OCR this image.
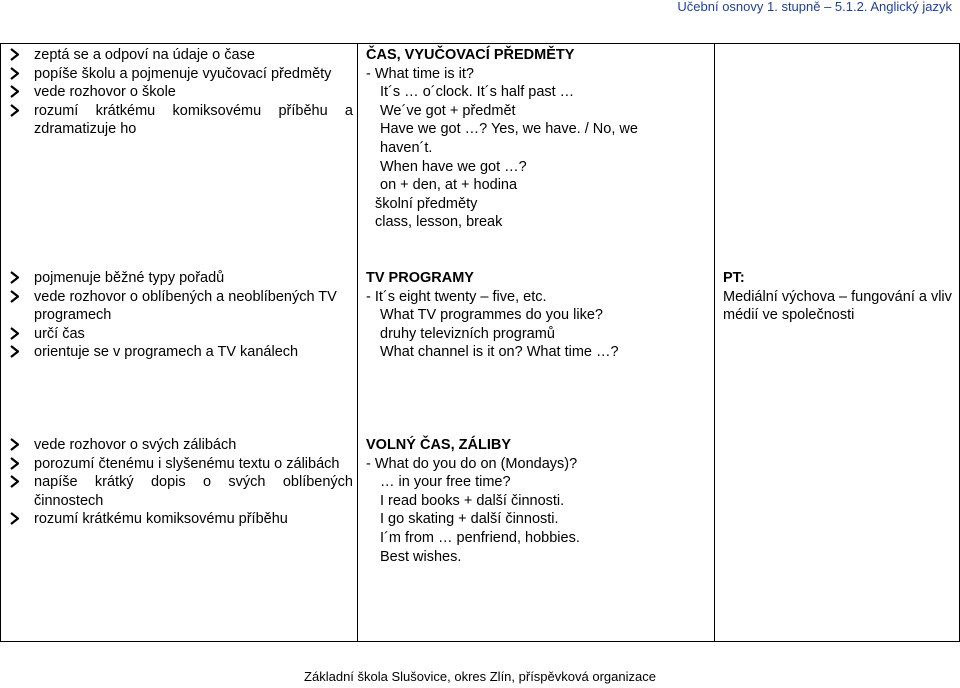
Učební osnovy 1. stupně – 5.1.2. Anglický jazyk
zeptá se a odpoví na údaje o čase
popíše školu a pojmenuje vyučovací předměty
vede rozhovor o škole
rozumí krátkému komiksovému příběhu a zdramatizuje ho
ČAS, VYUČOVACÍ PŘEDMĚTY
- What time is it?
It´s … o´clock. It´s half past …
We´ve got + předmět
Have we got …? Yes, we have. / No, we
haven´t.
When have we got …?
on + den, at + hodina
školní předměty
class, lesson, break
pojmenuje běžné typy pořadů
vede rozhovor o oblíbených a neoblíbených TV programech
určí čas
orientuje se v programech a TV kanálech
TV PROGRAMY
- It´s eight twenty – five, etc.
What TV programmes do you like?
druhy televizních programů
What channel is it on? What time …?
PT:
Mediální výchova – fungování a vliv médií ve společnosti
vede rozhovor o svých zálibách
porozumí čtenému i slyšenému textu o zálibách
napíše krátký dopis o svých oblíbených činnostech
rozumí krátkému komiksovému příběhu
VOLNÝ ČAS, ZÁLIBY
- What do you do on (Mondays)?
… in your free time?
I read books + další činnosti.
I go skating + další činnosti.
I´m from … penfriend, hobbies.
Best wishes.
Základní škola Slušovice, okres Zlín, příspěvková organizace
